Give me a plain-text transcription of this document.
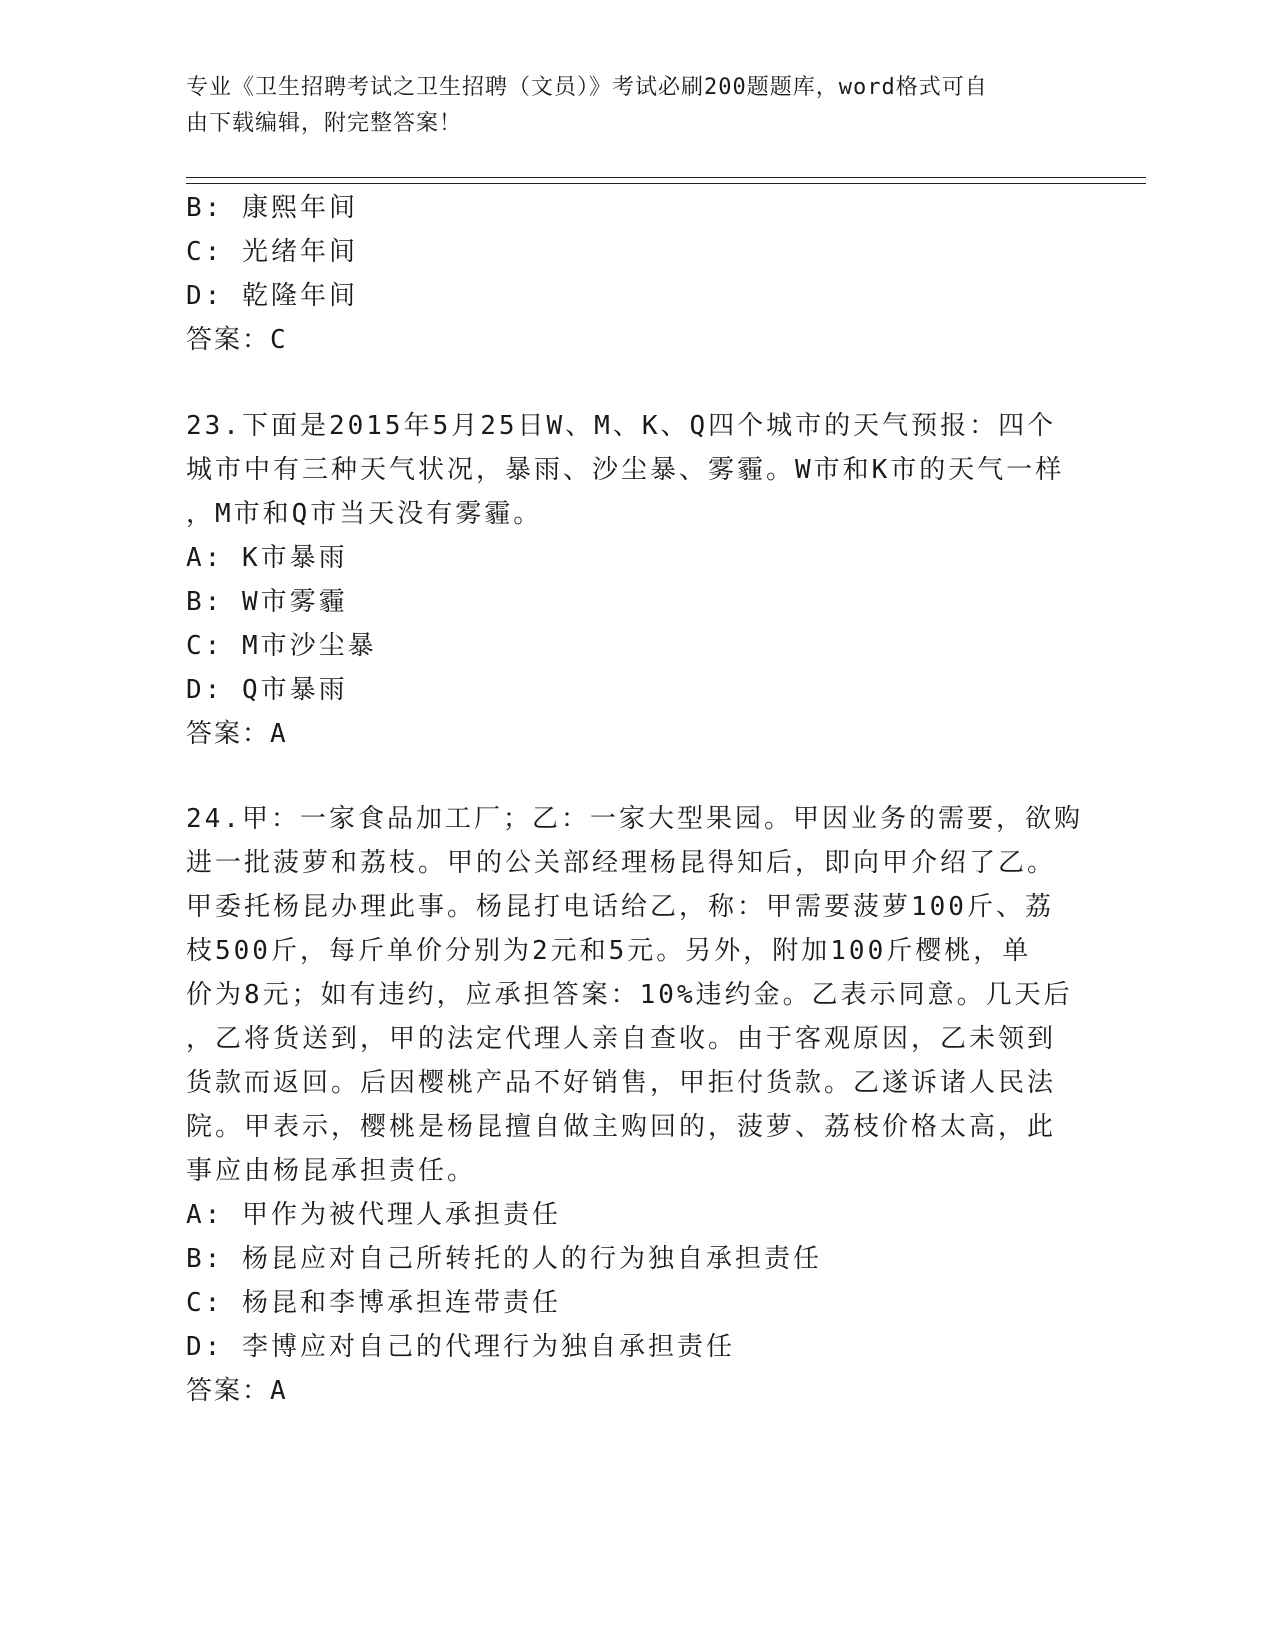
专业《卫生招聘考试之卫生招聘（文员）》考试必刷200题题库，word格式可自
由下载编辑，附完整答案！
B: 康熙年间
C: 光绪年间
D: 乾隆年间
答案：C
23.下面是2015年5月25日W、M、K、Q四个城市的天气预报：四个
城市中有三种天气状况，暴雨、沙尘暴、雾霾。W市和K市的天气一样
，M市和Q市当天没有雾霾。
A: K市暴雨
B: W市雾霾
C: M市沙尘暴
D: Q市暴雨
答案：A
24.甲：一家食品加工厂；乙：一家大型果园。甲因业务的需要，欲购
进一批菠萝和荔枝。甲的公关部经理杨昆得知后，即向甲介绍了乙。
甲委托杨昆办理此事。杨昆打电话给乙，称：甲需要菠萝100斤、荔
枝500斤，每斤单价分别为2元和5元。另外，附加100斤樱桃，单
价为8元；如有违约，应承担答案：10%违约金。乙表示同意。几天后
，乙将货送到，甲的法定代理人亲自查收。由于客观原因，乙未领到
货款而返回。后因樱桃产品不好销售，甲拒付货款。乙遂诉诸人民法
院。甲表示，樱桃是杨昆擅自做主购回的，菠萝、荔枝价格太高，此
事应由杨昆承担责任。
A: 甲作为被代理人承担责任
B: 杨昆应对自己所转托的人的行为独自承担责任
C: 杨昆和李博承担连带责任
D: 李博应对自己的代理行为独自承担责任
答案：A
